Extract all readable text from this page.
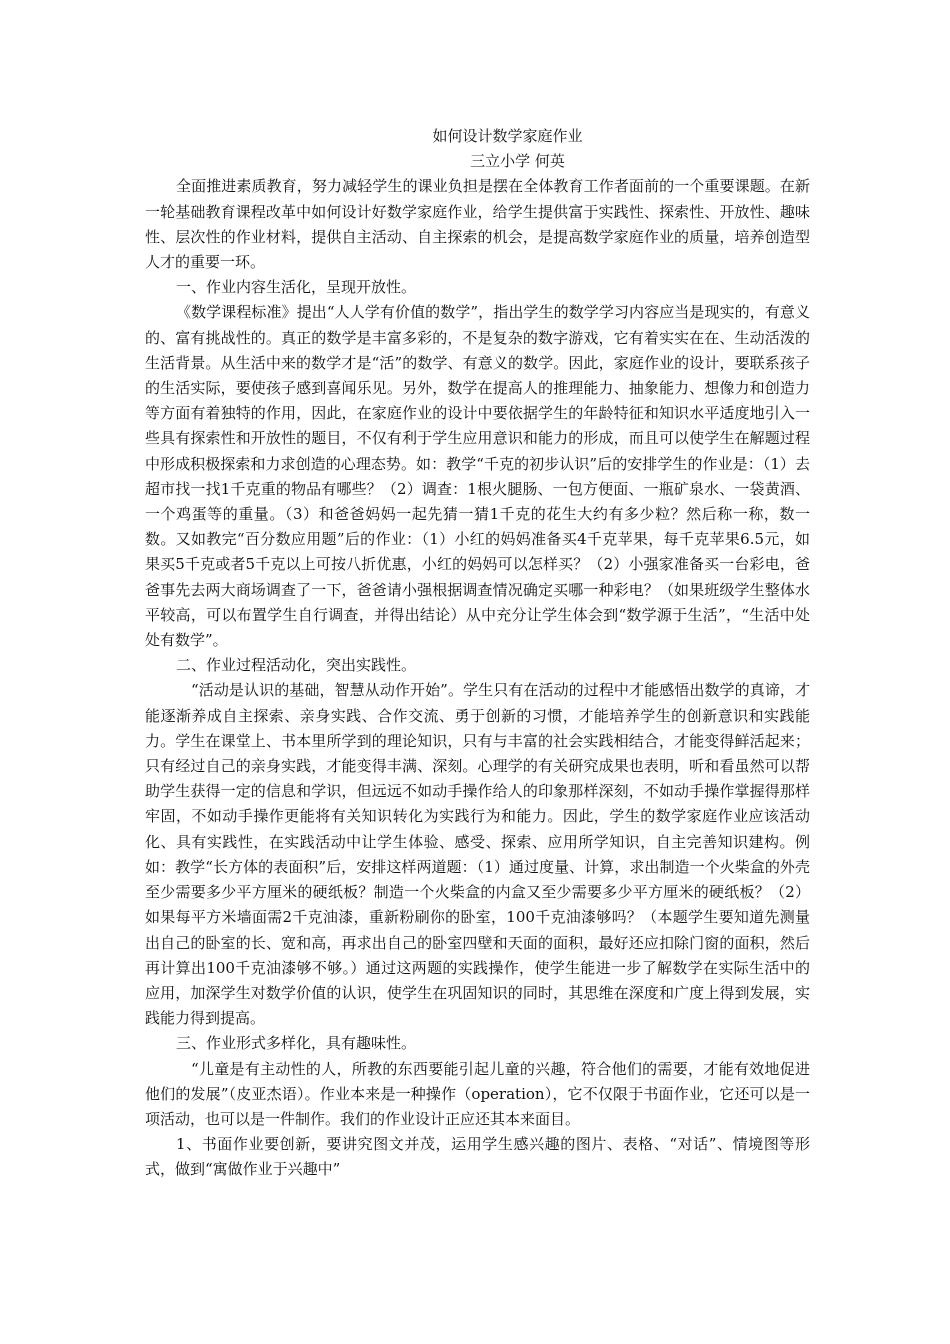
如何设计数学家庭作业

三立小学 何英

全面推进素质教育，努力减轻学生的课业负担是摆在全体教育工作者面前的一个重要课题。在新一轮基础教育课程改革中如何设计好数学家庭作业，给学生提供富于实践性、探索性、开放性、趣味性、层次性的作业材料，提供自主活动、自主探索的机会，是提高数学家庭作业的质量，培养创造型人才的重要一环。

一、作业内容生活化，呈现开放性。

《数学课程标准》提出“人人学有价值的数学”，指出学生的数学学习内容应当是现实的，有意义的、富有挑战性的。真正的数学是丰富多彩的，不是复杂的数字游戏，它有着实实在在、生动活泼的生活背景。从生活中来的数学才是“活”的数学、有意义的数学。因此，家庭作业的设计，要联系孩子的生活实际，要使孩子感到喜闻乐见。另外，数学在提高人的推理能力、抽象能力、想像力和创造力等方面有着独特的作用，因此，在家庭作业的设计中要依据学生的年龄特征和知识水平适度地引入一些具有探索性和开放性的题目，不仅有利于学生应用意识和能力的形成，而且可以使学生在解题过程中形成积极探索和力求创造的心理态势。如：教学“千克的初步认识”后的安排学生的作业是：（1）去超市找一找1千克重的物品有哪些？（2）调查：1根火腿肠、一包方便面、一瓶矿泉水、一袋黄酒、一个鸡蛋等的重量。（3）和爸爸妈妈一起先猜一猜1千克的花生大约有多少粒？然后称一称，数一数。又如教完“百分数应用题”后的作业：（1）小红的妈妈准备买4千克苹果，每千克苹果6.5元，如果买5千克或者5千克以上可按八折优惠，小红的妈妈可以怎样买？（2）小强家准备买一台彩电，爸爸事先去两大商场调查了一下，爸爸请小强根据调查情况确定买哪一种彩电？（如果班级学生整体水平较高，可以布置学生自行调查，并得出结论）从中充分让学生体会到“数学源于生活”，“生活中处处有数学”。

二、作业过程活动化，突出实践性。

“活动是认识的基础，智慧从动作开始”。学生只有在活动的过程中才能感悟出数学的真谛，才能逐渐养成自主探索、亲身实践、合作交流、勇于创新的习惯，才能培养学生的创新意识和实践能力。学生在课堂上、书本里所学到的理论知识，只有与丰富的社会实践相结合，才能变得鲜活起来；只有经过自己的亲身实践，才能变得丰满、深刻。心理学的有关研究成果也表明，听和看虽然可以帮助学生获得一定的信息和学识，但远远不如动手操作给人的印象那样深刻，不如动手操作掌握得那样牢固，不如动手操作更能将有关知识转化为实践行为和能力。因此，学生的数学家庭作业应该活动化、具有实践性，在实践活动中让学生体验、感受、探索、应用所学知识，自主完善知识建构。例如：教学“长方体的表面积”后，安排这样两道题：（1）通过度量、计算，求出制造一个火柴盒的外壳至少需要多少平方厘米的硬纸板？制造一个火柴盒的内盒又至少需要多少平方厘米的硬纸板？（2）如果每平方米墙面需2千克油漆，重新粉刷你的卧室，100千克油漆够吗？（本题学生要知道先测量出自己的卧室的长、宽和高，再求出自己的卧室四壁和天面的面积，最好还应扣除门窗的面积，然后再计算出100千克油漆够不够。）通过这两题的实践操作，使学生能进一步了解数学在实际生活中的应用，加深学生对数学价值的认识，使学生在巩固知识的同时，其思维在深度和广度上得到发展，实践能力得到提高。

三、作业形式多样化，具有趣味性。

“儿童是有主动性的人，所教的东西要能引起儿童的兴趣，符合他们的需要，才能有效地促进他们的发展”（皮亚杰语）。作业本来是一种操作（operation），它不仅限于书面作业，它还可以是一项活动，也可以是一件制作。我们的作业设计正应还其本来面目。

1、书面作业要创新，要讲究图文并茂，运用学生感兴趣的图片、表格、“对话”、情境图等形式，做到“寓做作业于兴趣中”
